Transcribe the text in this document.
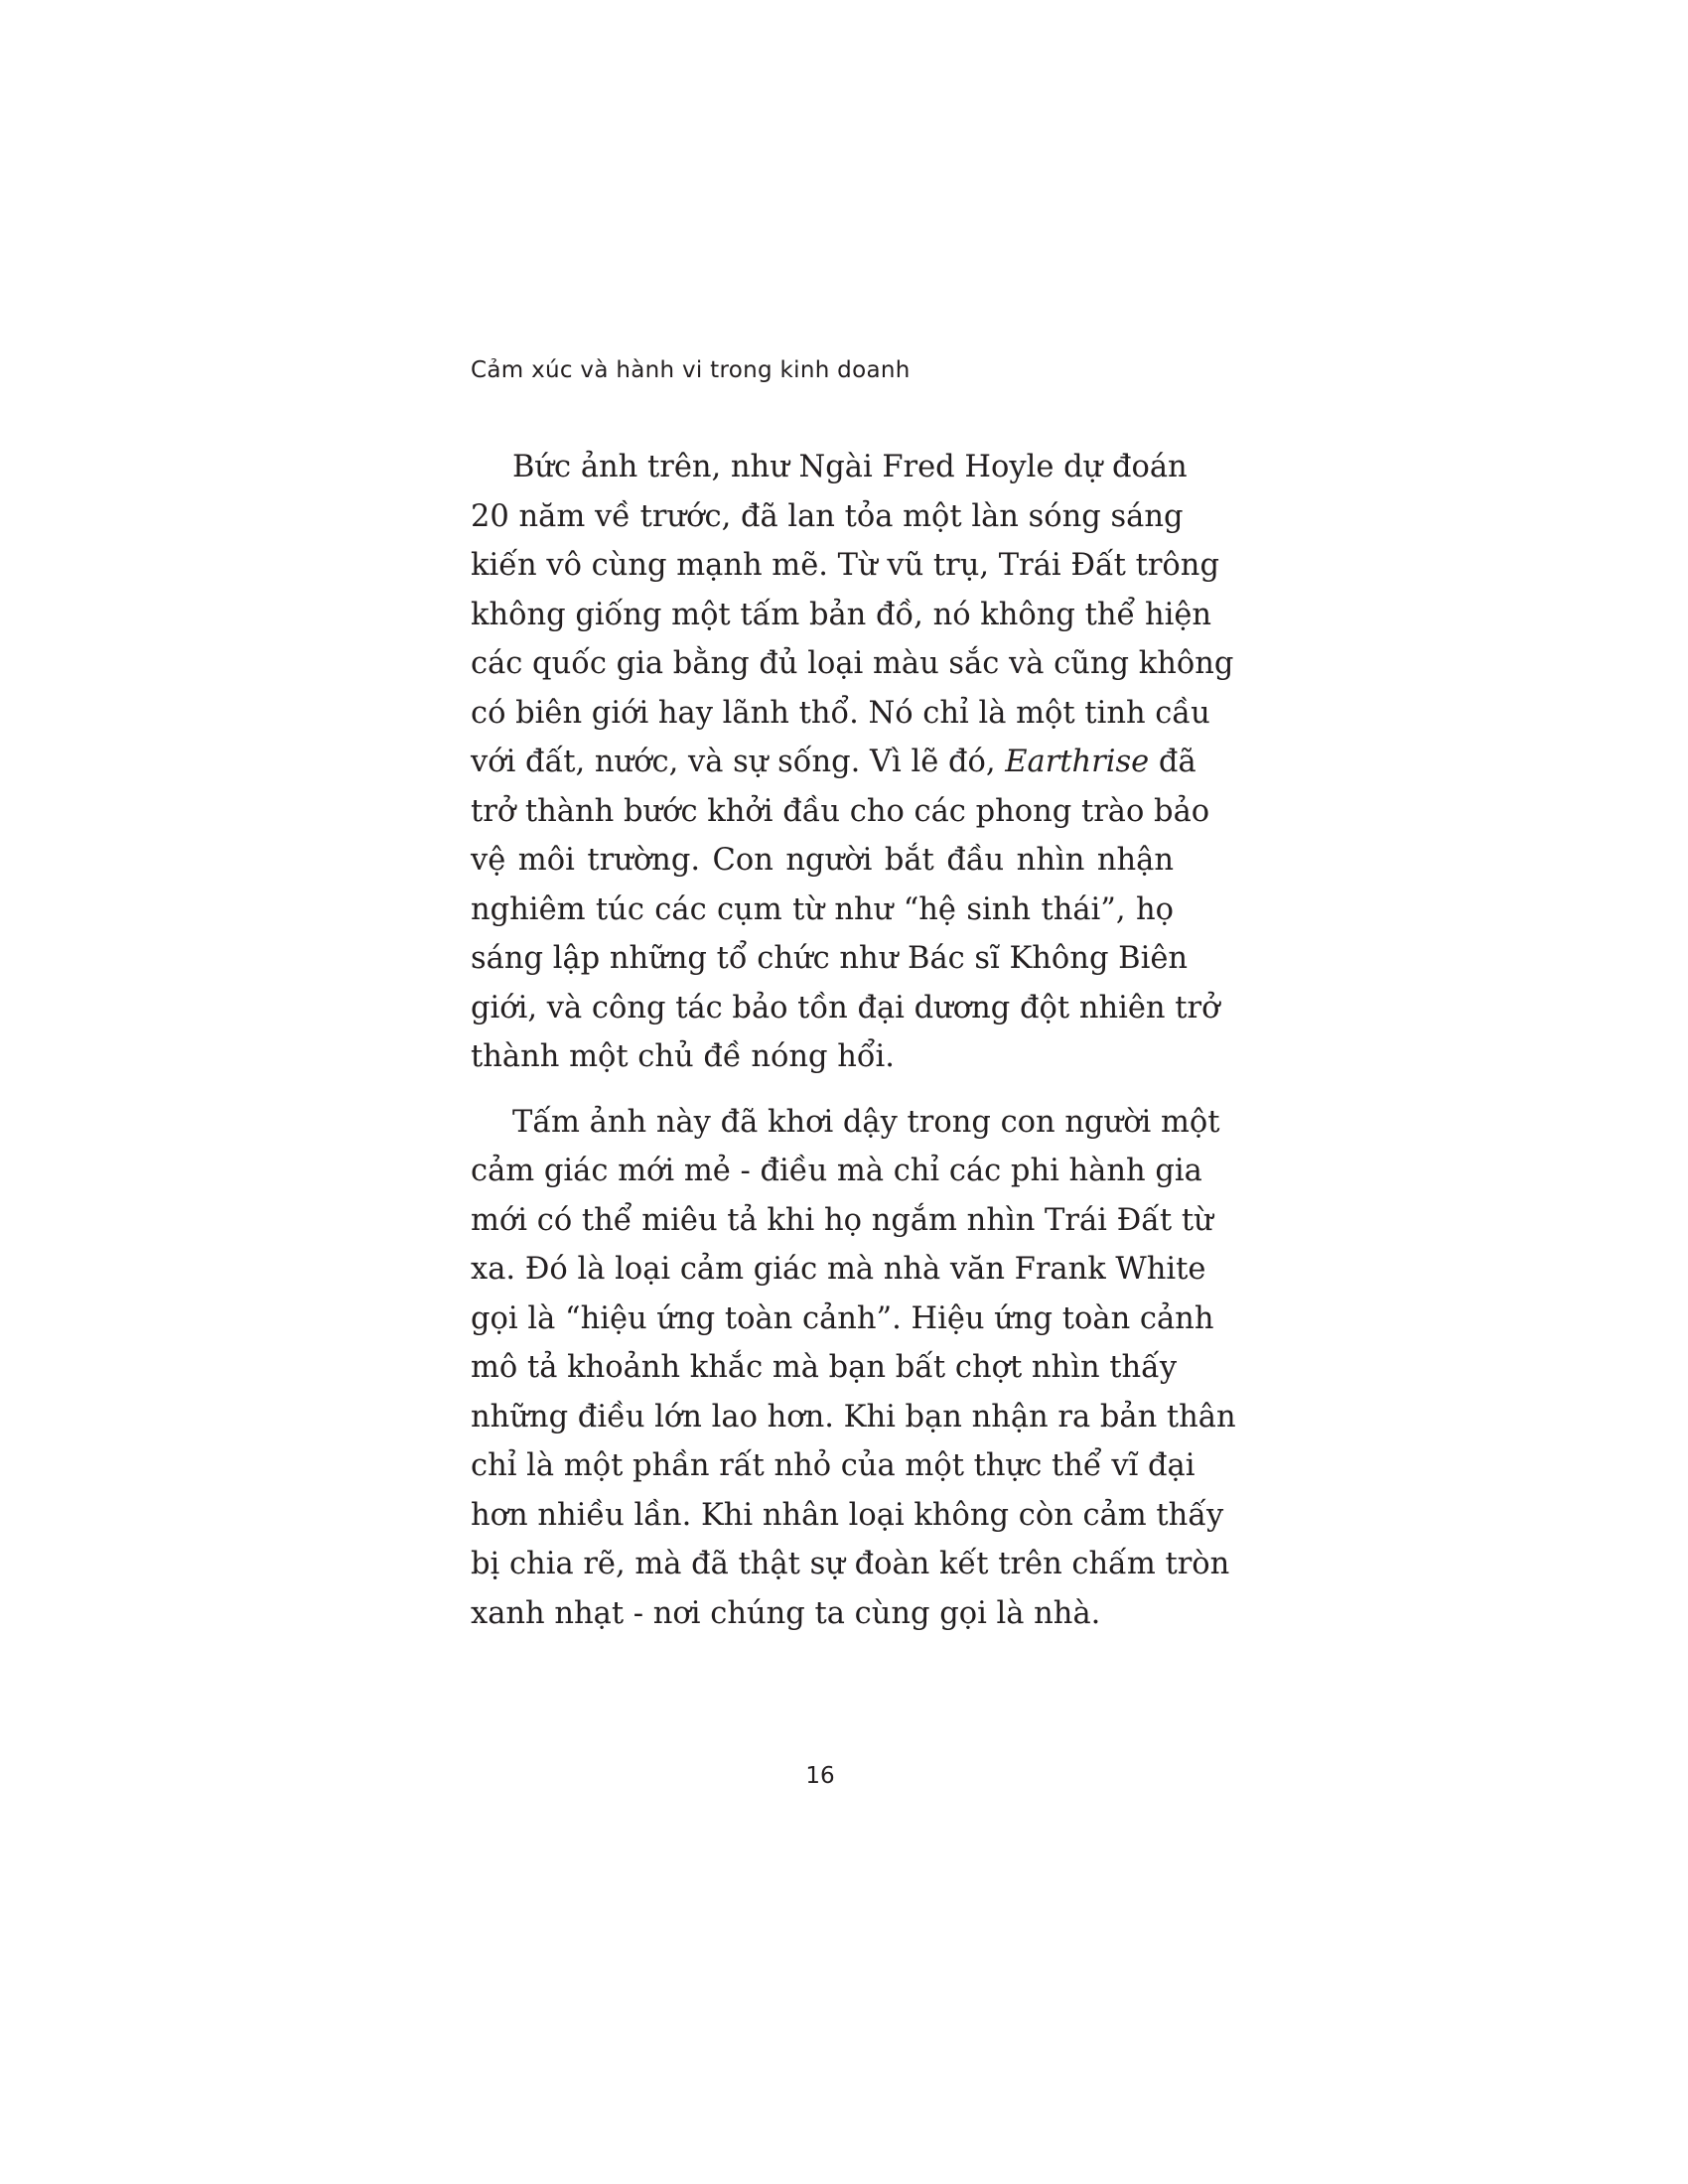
Cảm xúc và hành vi trong kinh doanh
Bức ảnh trên, như Ngài Fred Hoyle dự đoán
20 năm về trước, đã lan tỏa một làn sóng sáng
kiến vô cùng mạnh mẽ. Từ vũ trụ, Trái Đất trông
không giống một tấm bản đồ, nó không thể hiện
các quốc gia bằng đủ loại màu sắc và cũng không
có biên giới hay lãnh thổ. Nó chỉ là một tinh cầu
với đất, nước, và sự sống. Vì lẽ đó, Earthrise đã
trở thành bước khởi đầu cho các phong trào bảo
vệ môi trường. Con người bắt đầu nhìn nhận
nghiêm túc các cụm từ như “hệ sinh thái”, họ
sáng lập những tổ chức như Bác sĩ Không Biên
giới, và công tác bảo tồn đại dương đột nhiên trở
thành một chủ đề nóng hổi.
Tấm ảnh này đã khơi dậy trong con người một
cảm giác mới mẻ - điều mà chỉ các phi hành gia
mới có thể miêu tả khi họ ngắm nhìn Trái Đất từ
xa. Đó là loại cảm giác mà nhà văn Frank White
gọi là “hiệu ứng toàn cảnh”. Hiệu ứng toàn cảnh
mô tả khoảnh khắc mà bạn bất chợt nhìn thấy
những điều lớn lao hơn. Khi bạn nhận ra bản thân
chỉ là một phần rất nhỏ của một thực thể vĩ đại
hơn nhiều lần. Khi nhân loại không còn cảm thấy
bị chia rẽ, mà đã thật sự đoàn kết trên chấm tròn
xanh nhạt - nơi chúng ta cùng gọi là nhà.
16
